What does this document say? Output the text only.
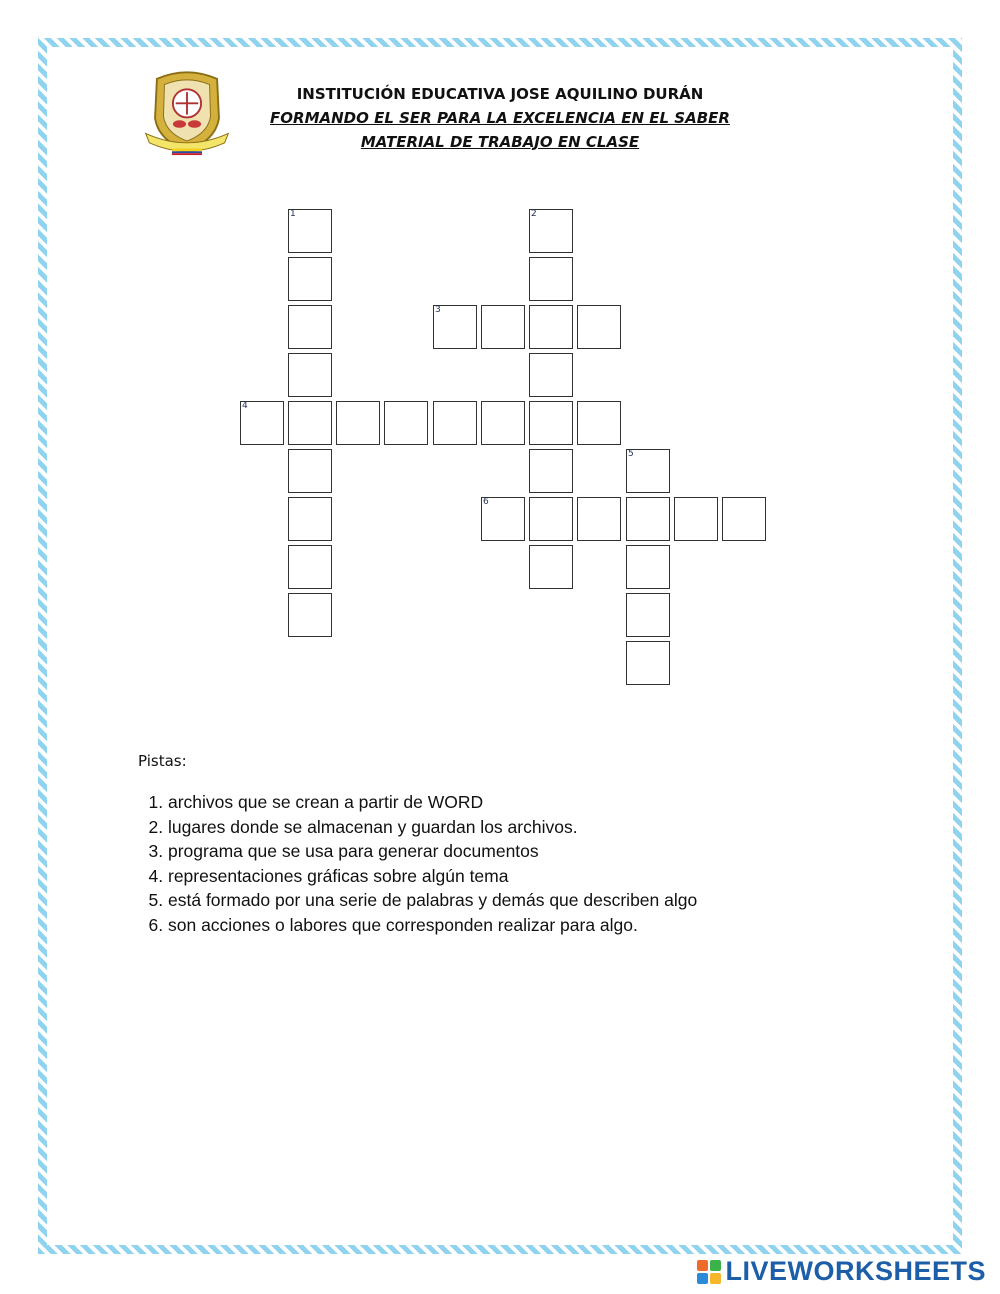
INSTITUCIÓN EDUCATIVA JOSE AQUILINO DURÁN
FORMANDO EL SER PARA LA EXCELENCIA EN EL SABER
MATERIAL DE TRABAJO EN CLASE
1	2
3
4
5
6
Pistas:
1. archivos que se crean a partir de WORD
2. lugares donde se almacenan y guardan los archivos.
3. programa que se usa para generar documentos
4. representaciones gráficas sobre algún tema
5. está formado por una serie de palabras y demás que describen algo
6. son acciones o labores que corresponden realizar para algo.
LIVEWORKSHEETS
